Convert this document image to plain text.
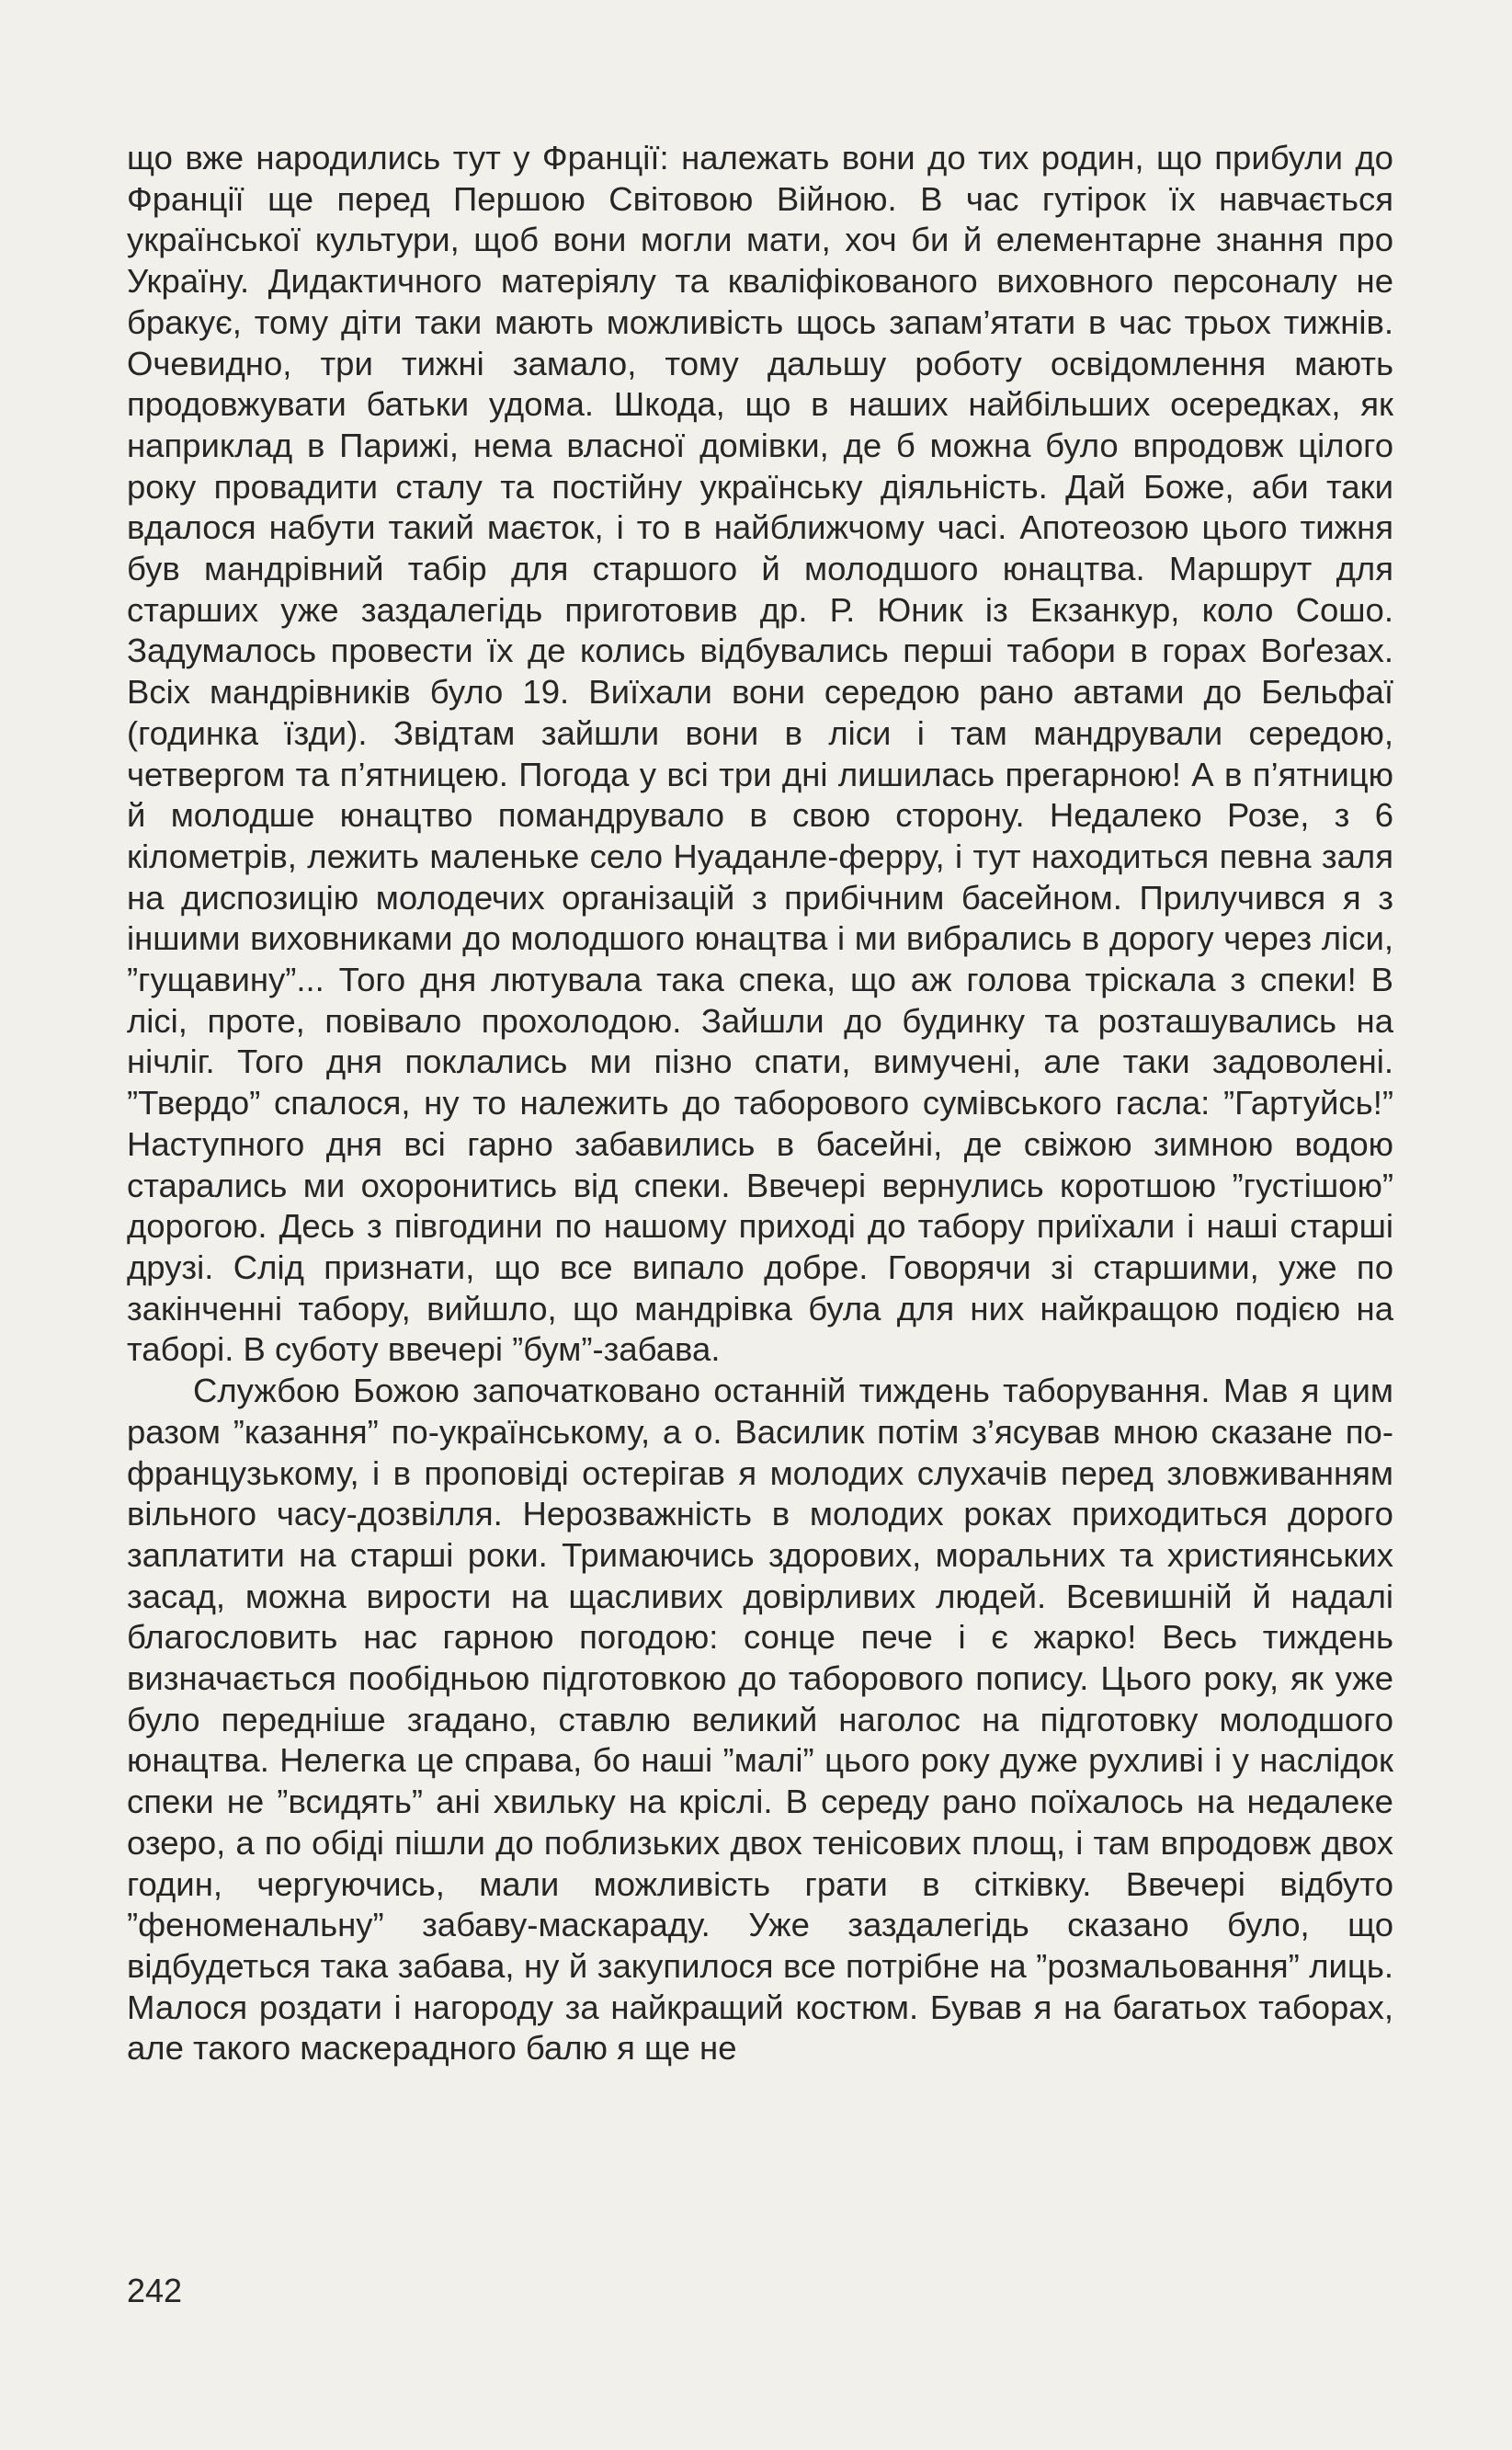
що вже народились тут у Франції: належать вони до тих родин, що прибули до Франції ще перед Першою Світовою Війною. В час гутірок їх навчається української культури, щоб вони могли мати, хоч би й елементарне знання про Україну. Дидактичного матеріялу та кваліфікованого виховного персоналу не бракує, тому діти таки мають можливість щось запам’ятати в час трьох тижнів. Очевидно, три тижні замало, тому дальшу роботу освідомлення мають продовжувати батьки удома. Шкода, що в наших найбільших осередках, як наприклад в Парижі, нема власної домівки, де б можна було впродовж цілого року провадити сталу та постійну українську діяльність. Дай Боже, аби таки вдалося набути такий маєток, і то в найближчому часі. Апотеозою цього тижня був мандрівний табір для старшого й молодшого юнацтва. Маршрут для старших уже заздалегідь приготовив др. Р. Юник із Екзанкур, коло Сошо. Задумалось провести їх де колись відбувались перші табори в горах Воґезах. Всіх мандрівників було 19. Виїхали вони середою рано автами до Бельфаї (годинка їзди). Звідтам зайшли вони в ліси і там мандрували середою, четвергом та п’ятницею. Погода у всі три дні лишилась прегарною! А в п’ятницю й молодше юнацтво помандрувало в свою сторону. Недалеко Розе, з 6 кілометрів, лежить маленьке село Нуаданле-ферру, і тут находиться певна заля на диспозицію молодечих організацій з прибічним басейном. Прилучився я з іншими виховниками до молодшого юнацтва і ми вибрались в дорогу через ліси, ”гущавину”... Того дня лютувала така спека, що аж голова тріскала з спеки! В лісі, проте, повівало прохолодою. Зайшли до будинку та розташувались на нічліг. Того дня поклались ми пізно спати, вимучені, але таки задоволені. ”Твердо” спалося, ну то належить до таборового сумівського гасла: ”Гартуйсь!” Наступного дня всі гарно забавились в басейні, де свіжою зимною водою старались ми охоронитись від спеки. Ввечері вернулись коротшою ”густішою” дорогою. Десь з півгодини по нашому приході до табору приїхали і наші старші друзі. Слід признати, що все випало добре. Говорячи зі старшими, уже по закінченні табору, вийшло, що мандрівка була для них найкращою подією на таборі. В суботу ввечері ”бум”-забава.

Службою Божою започатковано останній тиждень таборування. Мав я цим разом ”казання” по-українському, а о. Василик потім з’ясував мною сказане по-французькому, і в проповіді остерігав я молодих слухачів перед зловживанням вільного часу-дозвілля. Нерозважність в молодих роках приходиться дорого заплатити на старші роки. Тримаючись здорових, моральних та християнських засад, можна вирости на щасливих довірливих людей. Всевишній й надалі благословить нас гарною погодою: сонце пече і є жарко! Весь тиждень визначається пообідньою підготовкою до таборового попису. Цього року, як уже було передніше згадано, ставлю великий наголос на підготовку молодшого юнацтва. Нелегка це справа, бо наші ”малі” цього року дуже рухливі і у наслідок спеки не ”всидять” ані хвильку на кріслі. В середу рано поїхалось на недалеке озеро, а по обіді пішли до поблизьких двох тенісових площ, і там впродовж двох годин, чергуючись, мали можливість грати в сітківку. Ввечері відбуто ”феноменальну” забаву-маскараду. Уже заздалегідь сказано було, що відбудеться така забава, ну й закупилося все потрібне на ”розмальовання” лиць. Малося роздати і нагороду за найкращий костюм. Бував я на багатьох таборах, але такого маскерадного балю я ще не

242
